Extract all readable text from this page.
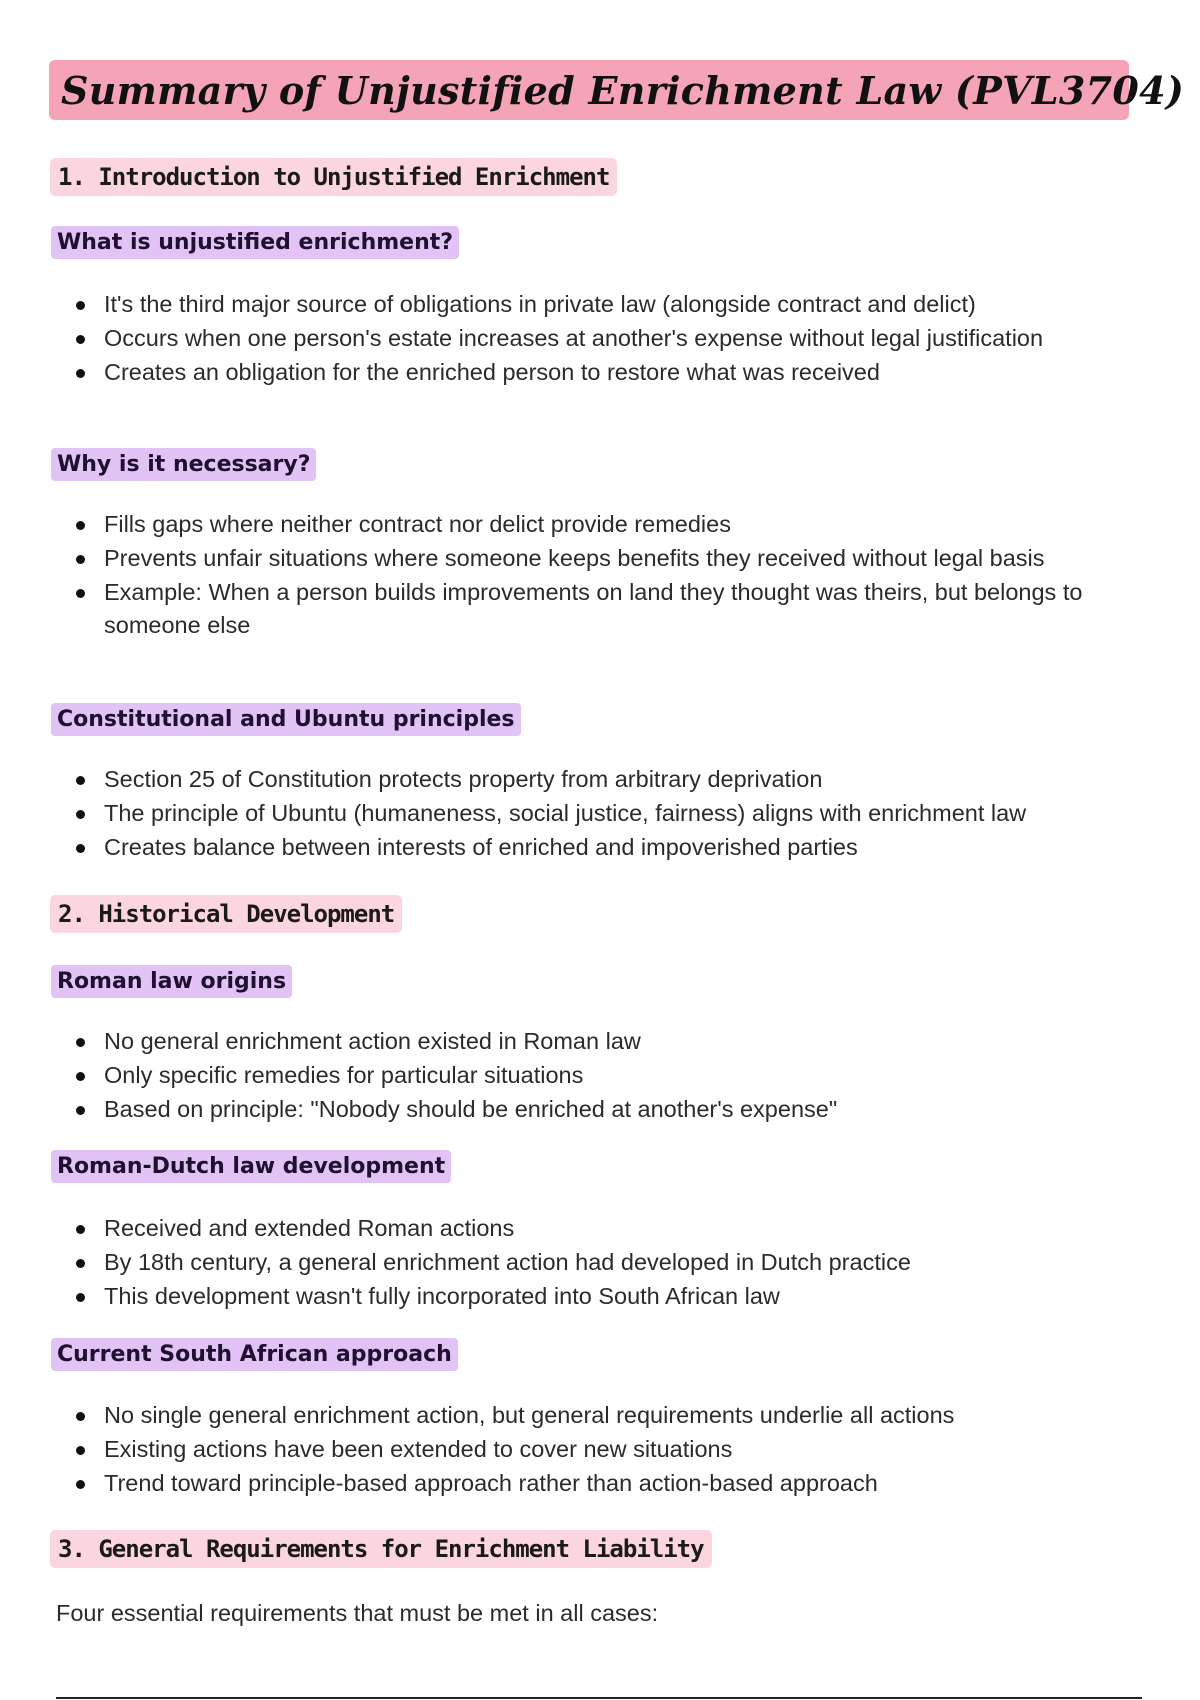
Summary of Unjustified Enrichment Law (PVL3704)
1. Introduction to Unjustified Enrichment
What is unjustified enrichment?
It's the third major source of obligations in private law (alongside contract and delict)
Occurs when one person's estate increases at another's expense without legal justification
Creates an obligation for the enriched person to restore what was received
Why is it necessary?
Fills gaps where neither contract nor delict provide remedies
Prevents unfair situations where someone keeps benefits they received without legal basis
Example: When a person builds improvements on land they thought was theirs, but belongs to someone else
Constitutional and Ubuntu principles
Section 25 of Constitution protects property from arbitrary deprivation
The principle of Ubuntu (humaneness, social justice, fairness) aligns with enrichment law
Creates balance between interests of enriched and impoverished parties
2. Historical Development
Roman law origins
No general enrichment action existed in Roman law
Only specific remedies for particular situations
Based on principle: "Nobody should be enriched at another's expense"
Roman-Dutch law development
Received and extended Roman actions
By 18th century, a general enrichment action had developed in Dutch practice
This development wasn't fully incorporated into South African law
Current South African approach
No single general enrichment action, but general requirements underlie all actions
Existing actions have been extended to cover new situations
Trend toward principle-based approach rather than action-based approach
3. General Requirements for Enrichment Liability
Four essential requirements that must be met in all cases:
